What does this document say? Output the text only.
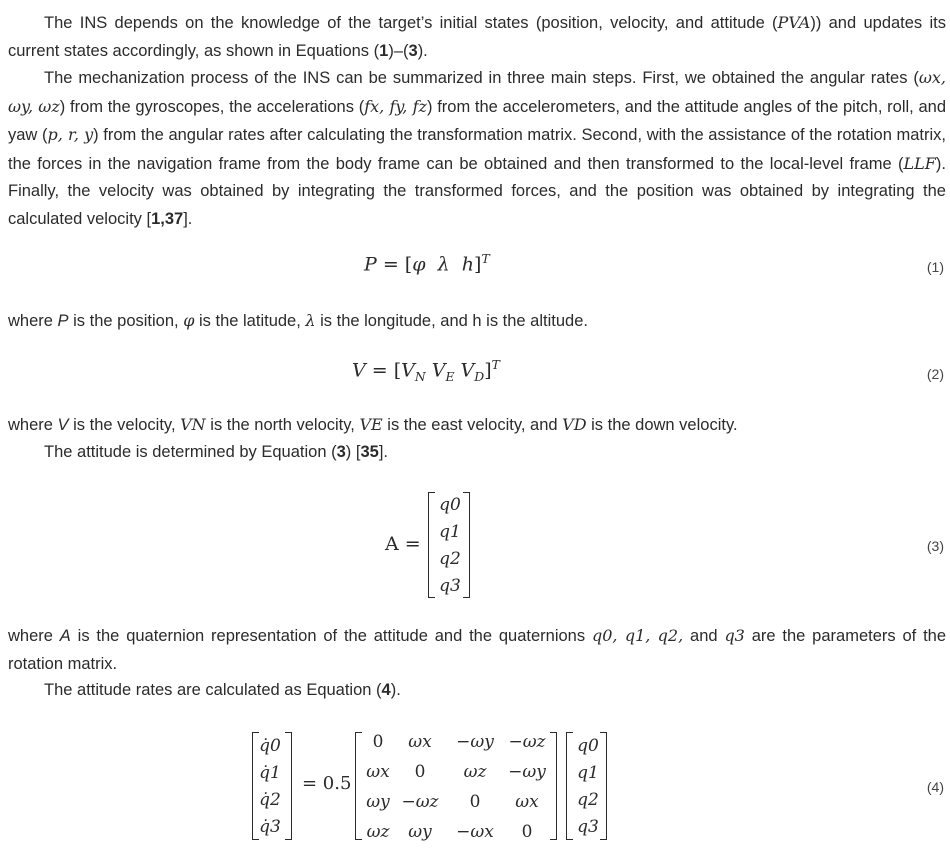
The INS depends on the knowledge of the target’s initial states (position, velocity, and attitude (PVA)) and updates its current states accordingly, as shown in Equations (1)–(3).

The mechanization process of the INS can be summarized in three main steps. First, we obtained the angular rates (ωx, ωy, ωz) from the gyroscopes, the accelerations (fx, fy, fz) from the accelerometers, and the attitude angles of the pitch, roll, and yaw (p, r, y) from the angular rates after calculating the transformation matrix. Second, with the assistance of the rotation matrix, the forces in the navigation frame from the body frame can be obtained and then transformed to the local-level frame (LLF). Finally, the velocity was obtained by integrating the transformed forces, and the position was obtained by integrating the calculated velocity [1,37].

P = [φ λ h]$^T$	(1)

where P is the position, φ is the latitude, λ is the longitude, and h is the altitude.

$V = [V_N$ $V_E$ $V_D]^T$
(2)

where V is the velocity, VN is the north velocity, VE is the east velocity, and VD is the down velocity.

The attitude is determined by Equation (3) [35].

A =
q0
q1
q2
q3
(3)

where A is the quaternion representation of the attitude and the quaternions q0, q1, q2, and q3 are the parameters of the rotation matrix.

The attitude rates are calculated as Equation (4).

q̇0
q̇1
q̇2
q̇3
= 0.5
0	ωx	−ωy −ωz
ωx	0	ωz	−ωy
ωy −ωz	0	ωx
ωz	ωy	−ωx	0
q0
q1
q2
q3
(4)
